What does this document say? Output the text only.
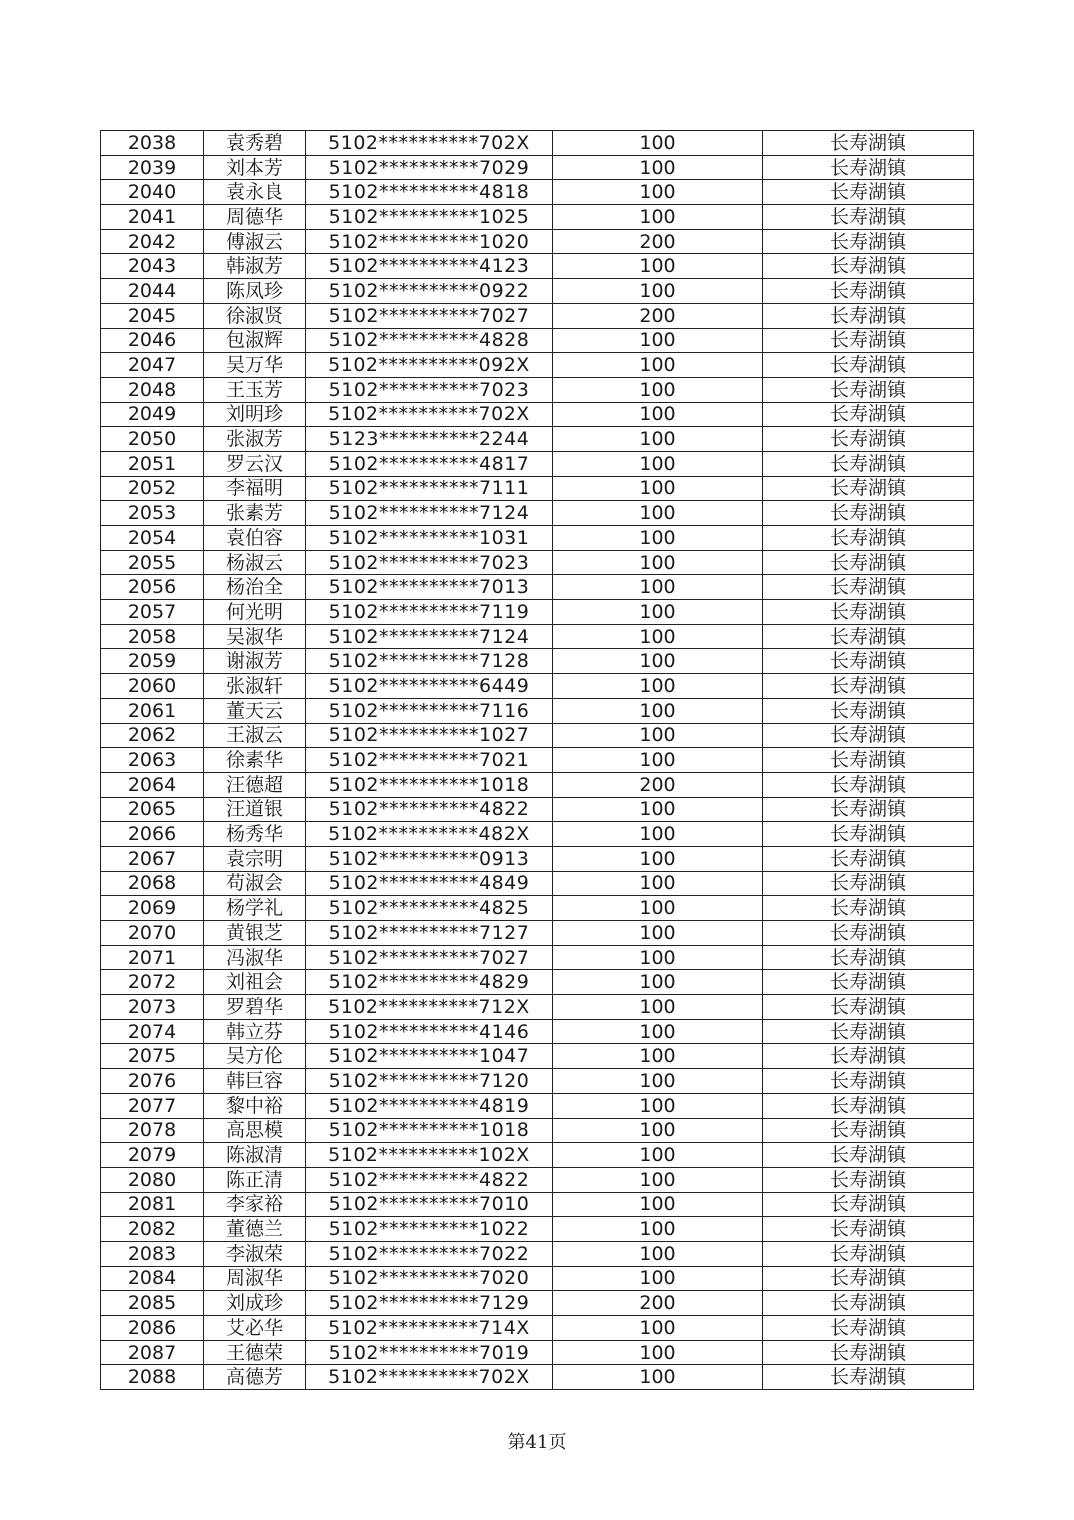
2038	袁秀碧	5102**********702X	100	长寿湖镇
2039	刘本芳	5102**********7029	100	长寿湖镇
2040	袁永良	5102**********4818	100	长寿湖镇
2041	周德华	5102**********1025	100	长寿湖镇
2042	傅淑云	5102**********1020	200	长寿湖镇
2043	韩淑芳	5102**********4123	100	长寿湖镇
2044	陈凤珍	5102**********0922	100	长寿湖镇
2045	徐淑贤	5102**********7027	200	长寿湖镇
2046	包淑辉	5102**********4828	100	长寿湖镇
2047	吴万华	5102**********092X	100	长寿湖镇
2048	王玉芳	5102**********7023	100	长寿湖镇
2049	刘明珍	5102**********702X	100	长寿湖镇
2050	张淑芳	5123**********2244	100	长寿湖镇
2051	罗云汉	5102**********4817	100	长寿湖镇
2052	李福明	5102**********7111	100	长寿湖镇
2053	张素芳	5102**********7124	100	长寿湖镇
2054	袁伯容	5102**********1031	100	长寿湖镇
2055	杨淑云	5102**********7023	100	长寿湖镇
2056	杨治全	5102**********7013	100	长寿湖镇
2057	何光明	5102**********7119	100	长寿湖镇
2058	吴淑华	5102**********7124	100	长寿湖镇
2059	谢淑芳	5102**********7128	100	长寿湖镇
2060	张淑轩	5102**********6449	100	长寿湖镇
2061	董天云	5102**********7116	100	长寿湖镇
2062	王淑云	5102**********1027	100	长寿湖镇
2063	徐素华	5102**********7021	100	长寿湖镇
2064	汪德超	5102**********1018	200	长寿湖镇
2065	汪道银	5102**********4822	100	长寿湖镇
2066	杨秀华	5102**********482X	100	长寿湖镇
2067	袁宗明	5102**********0913	100	长寿湖镇
2068	苟淑会	5102**********4849	100	长寿湖镇
2069	杨学礼	5102**********4825	100	长寿湖镇
2070	黄银芝	5102**********7127	100	长寿湖镇
2071	冯淑华	5102**********7027	100	长寿湖镇
2072	刘祖会	5102**********4829	100	长寿湖镇
2073	罗碧华	5102**********712X	100	长寿湖镇
2074	韩立芬	5102**********4146	100	长寿湖镇
2075	吴方伦	5102**********1047	100	长寿湖镇
2076	韩巨容	5102**********7120	100	长寿湖镇
2077	黎中裕	5102**********4819	100	长寿湖镇
2078	高思模	5102**********1018	100	长寿湖镇
2079	陈淑清	5102**********102X	100	长寿湖镇
2080	陈正清	5102**********4822	100	长寿湖镇
2081	李家裕	5102**********7010	100	长寿湖镇
2082	董德兰	5102**********1022	100	长寿湖镇
2083	李淑荣	5102**********7022	100	长寿湖镇
2084	周淑华	5102**********7020	100	长寿湖镇
2085	刘成珍	5102**********7129	200	长寿湖镇
2086	艾必华	5102**********714X	100	长寿湖镇
2087	王德荣	5102**********7019	100	长寿湖镇
2088	高德芳	5102**********702X	100	长寿湖镇
第41页
